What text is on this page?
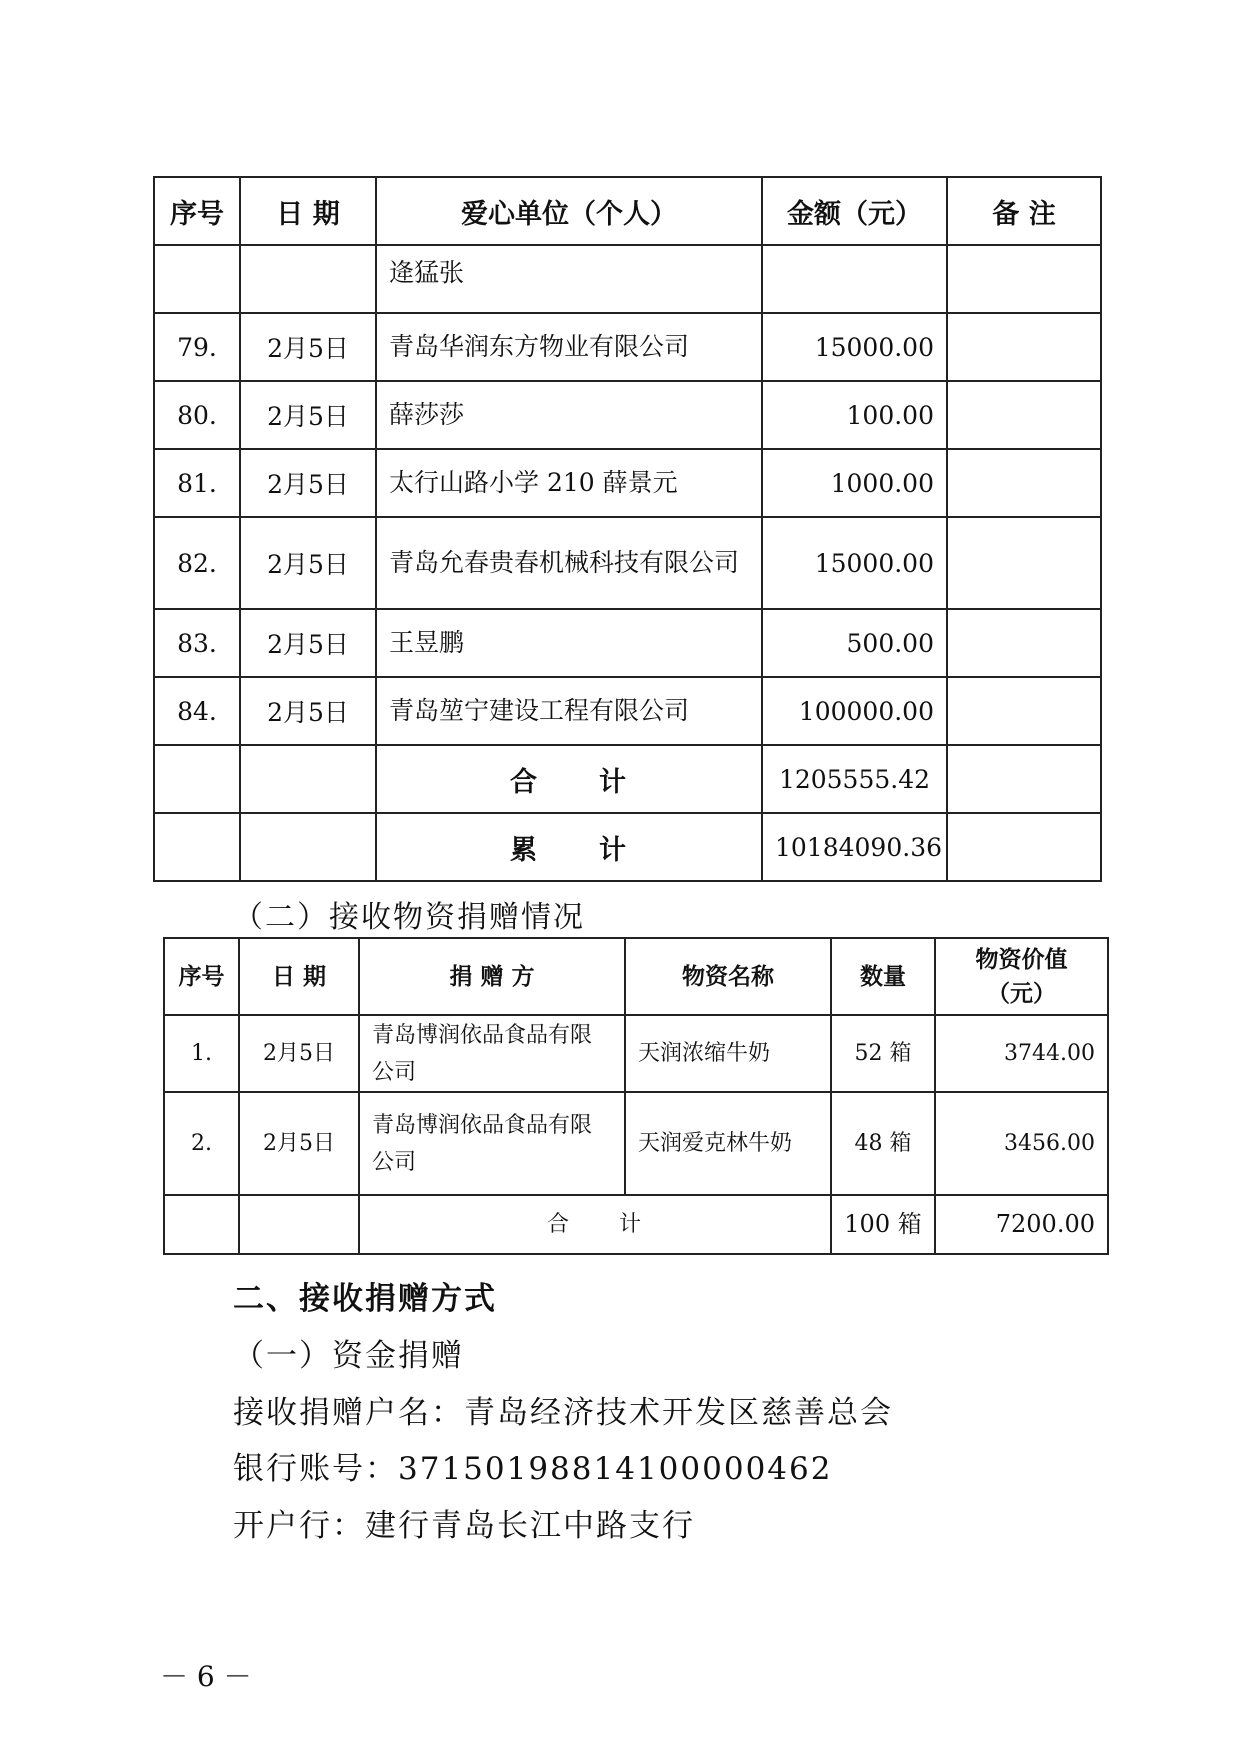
序号	日 期	爱心单位（个人）	金额（元）	备 注
		逄猛张		
79.	2月5日	青岛华润东方物业有限公司	15000.00	
80.	2月5日	薛莎莎	100.00	
81.	2月5日	太行山路小学 210 薛景元	1000.00	
82.	2月5日	青岛允春贵春机械科技有限公司	15000.00	
83.	2月5日	王昱鹏	500.00	
84.	2月5日	青岛堃宁建设工程有限公司	100000.00	
		合 计	1205555.42	
		累 计	10184090.36	
（二）接收物资捐赠情况
序号	日 期	捐 赠 方	物资名称	数量	物资价值
（元）

1.	2月5日	青岛博润依品食品有限公司	天润浓缩牛奶	52 箱	3744.00
2.	2月5日	青岛博润依品食品有限公司	天润爱克林牛奶	48 箱	3456.00
		合 计		100 箱	7200.00
二、接收捐赠方式

（一）资金捐赠

接收捐赠户名：青岛经济技术开发区慈善总会

银行账号：37150198814100000462

开户行：建行青岛长江中路支行

－ 6 －
